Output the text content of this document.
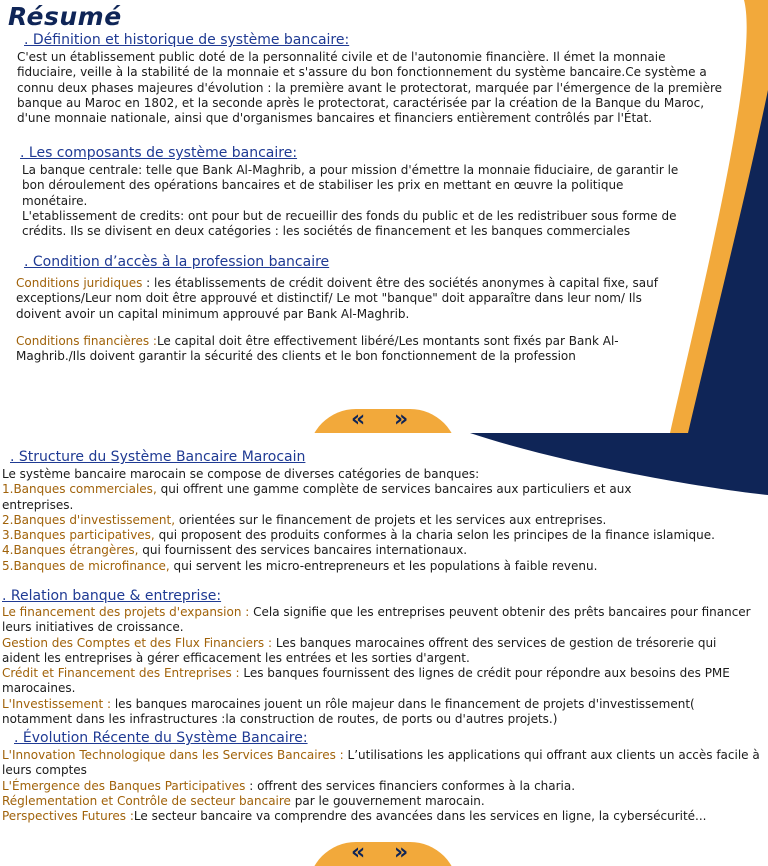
Résumé
. Définition et historique de système bancaire:

C'est un établissement public doté de la personnalité civile et de l'autonomie financière. Il émet la monnaie fiduciaire, veille à la stabilité de la monnaie et s'assure du bon fonctionnement du système bancaire.Ce système a connu deux phases majeures d'évolution : la première avant le protectorat, marquée par l'émergence de la première banque au Maroc en 1802, et la seconde après le protectorat, caractérisée par la création de la Banque du Maroc, d'une monnaie nationale, ainsi que d'organismes bancaires et financiers entièrement contrôlés par l'État.

. Les composants de système bancaire:
La banque centrale: telle que Bank Al-Maghrib, a pour mission d'émettre la monnaie fiduciaire, de garantir le bon déroulement des opérations bancaires et de stabiliser les prix en mettant en œuvre la politique monétaire.
L'etablissement de credits: ont pour but de recueillir des fonds du public et de les redistribuer sous forme de crédits. Ils se divisent en deux catégories : les sociétés de financement et les banques commerciales
. Condition d’accès à la profession bancaire

Conditions juridiques : les établissements de crédit doivent être des sociétés anonymes à capital fixe, sauf exceptions/Leur nom doit être approuvé et distinctif/ Le mot "banque" doit apparaître dans leur nom/ Ils doivent avoir un capital minimum approuvé par Bank Al-Maghrib.

Conditions financières :Le capital doit être effectivement libéré/Les montants sont fixés par Bank Al-Maghrib./Ils doivent garantir la sécurité des clients et le bon fonctionnement de la profession

« »
. Structure du Système Bancaire Marocain
Le système bancaire marocain se compose de diverses catégories de banques:
1.Banques commerciales, qui offrent une gamme complète de services bancaires aux particuliers et aux entreprises.
2.Banques d'investissement, orientées sur le financement de projets et les services aux entreprises.
3.Banques participatives, qui proposent des produits conformes à la charia selon les principes de la finance islamique.
4.Banques étrangères, qui fournissent des services bancaires internationaux.
5.Banques de microfinance, qui servent les micro-entrepreneurs et les populations à faible revenu.
. Relation banque & entreprise:
Le financement des projets d'expansion : Cela signifie que les entreprises peuvent obtenir des prêts bancaires pour financer leurs initiatives de croissance.
Gestion des Comptes et des Flux Financiers : Les banques marocaines offrent des services de gestion de trésorerie qui aident les entreprises à gérer efficacement les entrées et les sorties d'argent.
Crédit et Financement des Entreprises : Les banques fournissent des lignes de crédit pour répondre aux besoins des PME marocaines.
L'Investissement : les banques marocaines jouent un rôle majeur dans le financement de projets d'investissement( notamment dans les infrastructures :la construction de routes, de ports ou d'autres projets.)
. Évolution Récente du Système Bancaire:
L'Innovation Technologique dans les Services Bancaires : L’utilisations les applications qui offrant aux clients un accès facile à leurs comptes
L'Émergence des Banques Participatives : offrent des services financiers conformes à la charia.
Réglementation et Contrôle de secteur bancaire par le gouvernement marocain.
Perspectives Futures :Le secteur bancaire va comprendre des avancées dans les services en ligne, la cybersécurité...
« »
